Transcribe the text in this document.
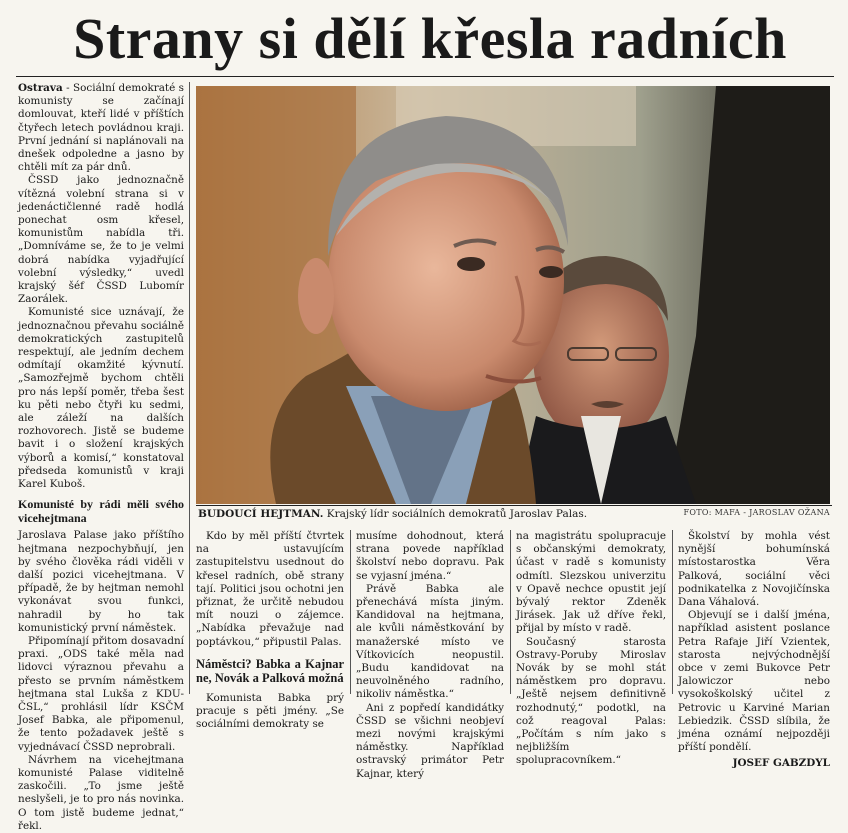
Strany si dělí křesla radních

Ostrava - Sociální demokraté s komunisty se začínají domlouvat, kteří lidé v příštích čtyřech letech povládnou kraji. První jednání si naplánovali na dnešek odpoledne a jasno by chtěli mít za pár dnů.

ČSSD jako jednoznačně vítězná volební strana si v jedenáctičlenné radě hodlá ponechat osm křesel, komunistům nabídla tři. „Domníváme se, že to je velmi dobrá nabídka vyjadřující volební výsledky,“ uvedl krajský šéf ČSSD Lubomír Zaorálek.

Komunisté sice uznávají, že jednoznačnou převahu sociálně demokratických zastupitelů respektují, ale jedním dechem odmítají okamžité kývnutí. „Samozřejmě bychom chtěli pro nás lepší poměr, třeba šest ku pěti nebo čtyři ku sedmi, ale záleží na dalších rozhovorech. Jistě se budeme bavit i o složení krajských výborů a komisí,“ konstatoval předseda komunistů v kraji Karel Kuboš.

Komunisté by rádi měli svého vicehejtmana

Jaroslava Palase jako příštího hejtmana nezpochybňují, jen by svého člověka rádi viděli v další pozici vicehejtmana. V případě, že by hejtman nemohl vykonávat svou funkci, nahradil by ho tak komunistický první náměstek.

Připomínají přitom dosavadní praxi. „ODS také měla nad lidovci výraznou převahu a přesto se prvním náměstkem hejtmana stal Lukša z KDU-ČSL,“ prohlásil lídr KSČM Josef Babka, ale připomenul, že tento požadavek ještě s vyjednávací ČSSD neprobrali.

Návrhem na vicehejtmana komunisté Palase viditelně zaskočili. „To jsme ještě neslyšeli, je to pro nás novinka. O tom jistě budeme jednat,“ řekl.

BUDOUCÍ HEJTMAN. Krajský lídr sociálních demokratů Jaroslav Palas.	FOTO: MAFA - JAROSLAV OŽANA

Kdo by měl příští čtvrtek na ustavujícím zastupitelstvu usednout do křesel radních, obě strany tají. Politici jsou ochotni jen přiznat, že určitě nebudou mít nouzi o zájemce. „Nabídka převažuje nad poptávkou,“ připustil Palas.

Náměstci? Babka a Kajnar ne, Novák a Palková možná

Komunista Babka prý pracuje s pěti jmény. „Se sociálními demokraty se

musíme dohodnout, která strana povede například školství nebo dopravu. Pak se vyjasní jména.“

Právě Babka ale přenechává místa jiným. Kandidoval na hejtmana, ale kvůli náměstkování by manažerské místo ve Vítkovicích neopustil. „Budu kandidovat na neuvolněného radního, nikoliv náměstka.“

Ani z popředí kandidátky ČSSD se všichni neobjeví mezi novými krajskými náměstky. Například ostravský primátor Petr Kajnar, který

na magistrátu spolupracuje s občanskými demokraty, účast v radě s komunisty odmítl. Slezskou univerzitu v Opavě nechce opustit její bývalý rektor Zdeněk Jirásek. Jak už dříve řekl, přijal by místo v radě.

Současný starosta Ostravy-Poruby Miroslav Novák by se mohl stát náměstkem pro dopravu. „Ještě nejsem definitivně rozhodnutý,“ podotkl, na což reagoval Palas: „Počítám s ním jako s nejbližším spolupracovníkem.“

Školství by mohla vést nynější bohumínská místostarostka Věra Palková, sociální věci podnikatelka z Novojičínska Dana Váhalová.

Objevují se i další jména, například asistent poslance Petra Rafaje Jiří Vzientek, starosta nejvýchodnější obce v zemi Bukovce Petr Jalowiczor nebo vysokoškolský učitel z Petrovic u Karviné Marian Lebiedzik. ČSSD slíbila, že jména oznámí nejpozději příští pondělí.

JOSEF GABZDYL
